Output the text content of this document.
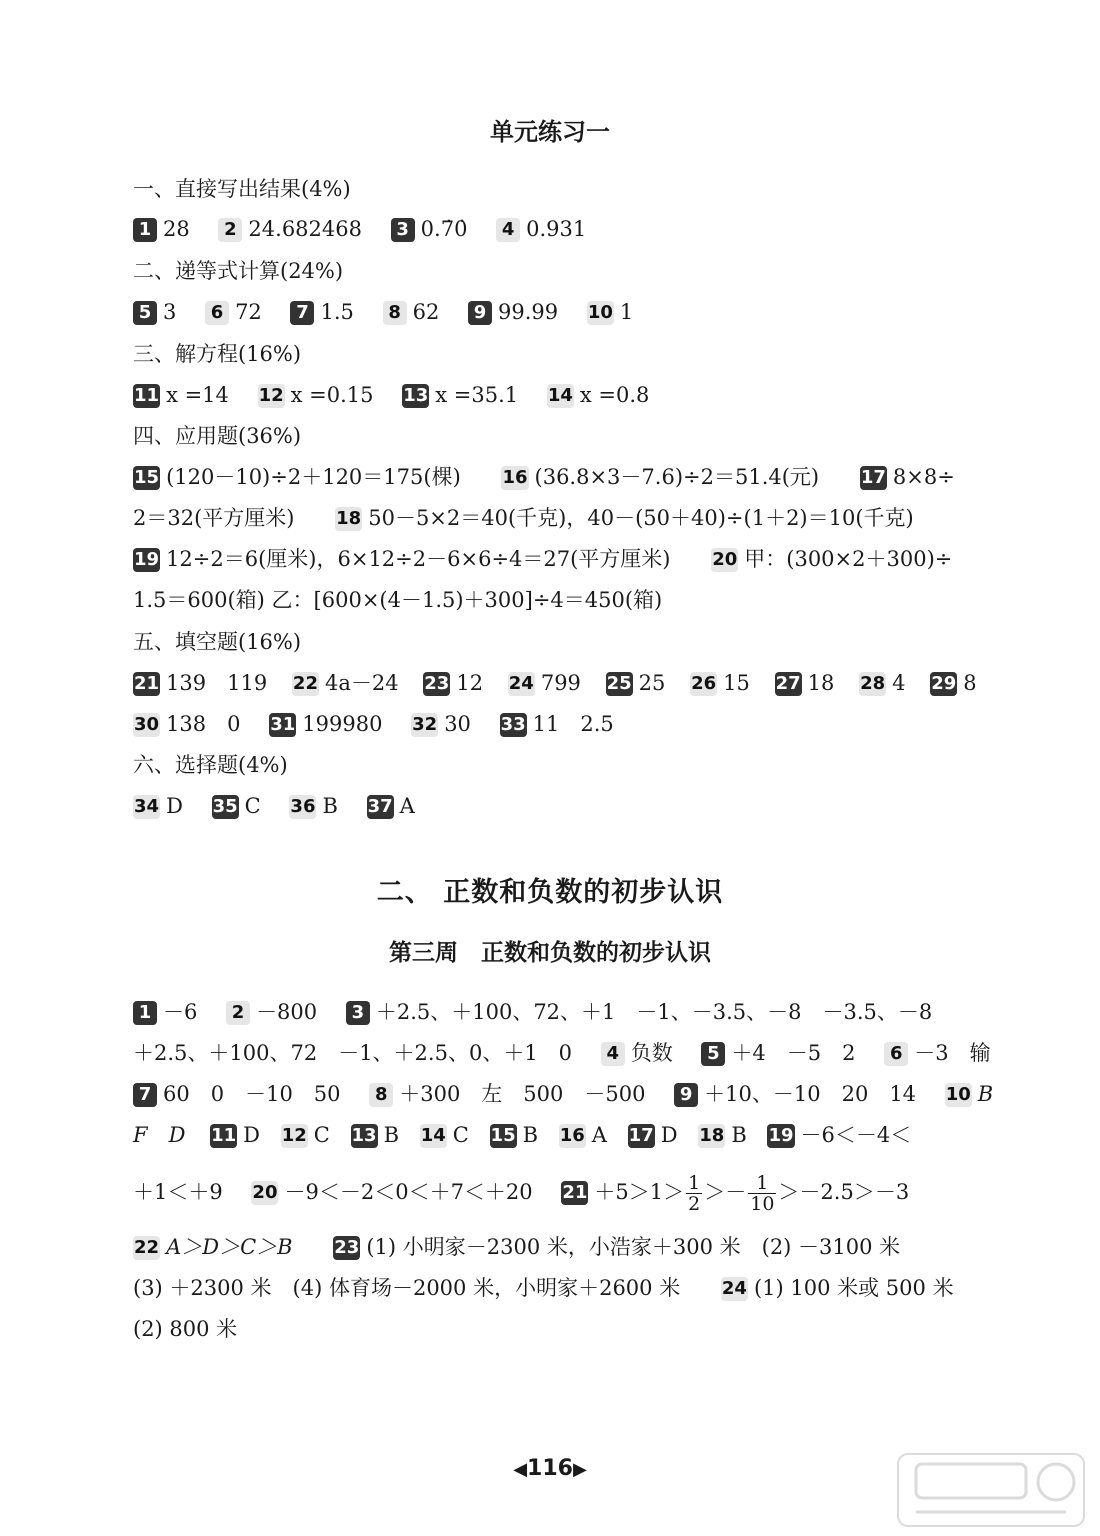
单元练习一
一、直接写出结果(4%)
1 28 2 24.682468 3 0.7̇0̇ 4 0.931
二、递等式计算(24%)
5 3 6 72 7 1.5 8 62 9 99.99 10 1
三、解方程(16%)
11 x =14 12 x =0.15 13 x =35.1 14 x =0.8
四、应用题(36%)
15 (120－10)÷2＋120＝175(棵) 16 (36.8×3－7.6)÷2＝51.4(元) 17 8×8÷
2＝32(平方厘米) 18 50－5×2＝40(千克)，40－(50＋40)÷(1＋2)＝10(千克)
19 12÷2＝6(厘米)，6×12÷2－6×6÷4＝27(平方厘米) 20 甲：(300×2＋300)÷
1.5＝600(箱) 乙：[600×(4－1.5)＋300]÷4＝450(箱)
五、填空题(16%)
21 139　119 22 4a－24 23 12 24 799 25 25 26 15 27 18 28 4 29 8
30 138　0 31 199980 32 30 33 11　2.5
六、选择题(4%)
34 D 35 C 36 B 37 A
二、 正数和负数的初步认识
第三周　正数和负数的初步认识
1 －6 2 －800 3 ＋2.5、＋100、72、＋1　－1、－3.5、－8　－3.5、－8
＋2.5、＋100、72　－1、＋2.5、0、＋1　0 4 负数 5 ＋4　－5　2 6 －3　输
7 60　0　－10　50 8 ＋300　左　500　－500 9 ＋10、－10　20　14 10 B
F　D 11 D 12 C 13 B 14 C 15 B 16 A 17 D 18 B 19 －6＜－4＜
＋1＜＋9 20 －9＜－2＜0＜＋7＜＋20 $21 +5>1> \frac{1}{2} >- \frac{1}{10} >-2.5>-3$
22 A＞D＞C＞B 23 (1) 小明家－2300 米，小浩家＋300 米　(2) －3100 米
(3) ＋2300 米　(4) 体育场－2000 米，小明家＋2600 米 24 (1) 100 米或 500 米
(2) 800 米
◀116▶
